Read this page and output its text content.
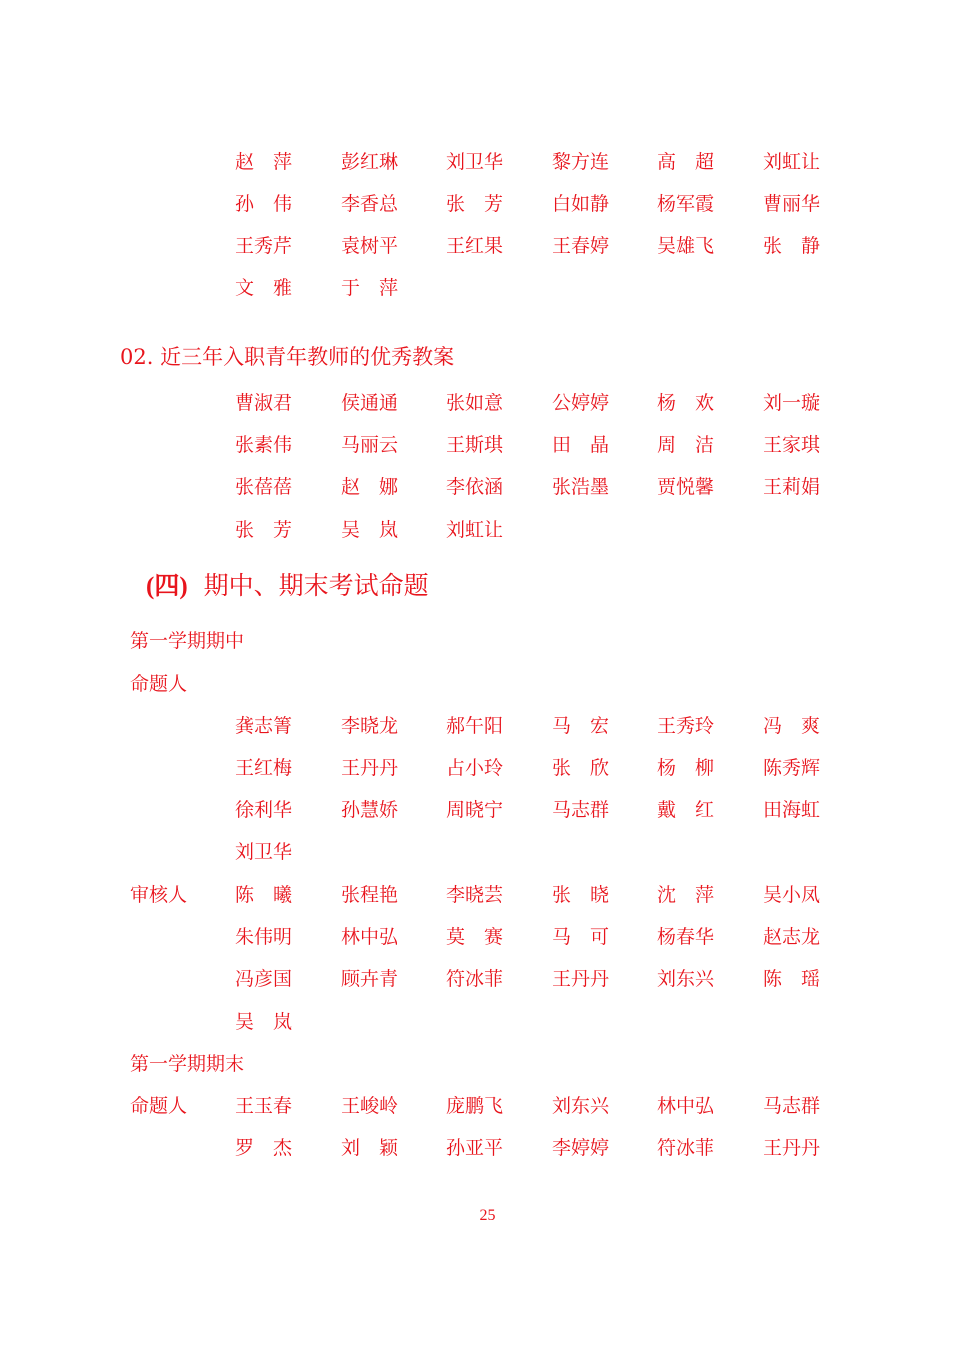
赵　萍	彭红琳	刘卫华	黎方连	高　超	刘虹让
孙　伟	李香总	张　芳	白如静	杨军霞	曹丽华
王秀芹	袁树平	王红果	王春婷	吴雄飞	张　静
文　雅	于　萍
02. 近三年入职青年教师的优秀教案
曹淑君	侯通通	张如意	公婷婷	杨　欢	刘一璇
张素伟	马丽云	王斯琪	田　晶	周　洁	王家琪
张蓓蓓	赵　娜	李依涵	张浩墨	贾悦馨	王莉娟
张　芳	吴　岚	刘虹让
(四) 期中、期末考试命题
第一学期期中
命题人
龚志箐	李晓龙	郝午阳	马　宏	王秀玲	冯　爽
王红梅	王丹丹	占小玲	张　欣	杨　柳	陈秀辉
徐利华	孙慧娇	周晓宁	马志群	戴　红	田海虹
刘卫华
审核人	陈　曦	张程艳	李晓芸	张　晓	沈　萍	吴小凤
朱伟明	林中弘	莫　赛	马　可	杨春华	赵志龙
冯彦国	顾卉青	符冰菲	王丹丹	刘东兴	陈　瑶
吴　岚
第一学期期末
命题人	王玉春	王峻岭	庞鹏飞	刘东兴	林中弘	马志群
罗　杰	刘　颖	孙亚平	李婷婷	符冰菲	王丹丹
25
